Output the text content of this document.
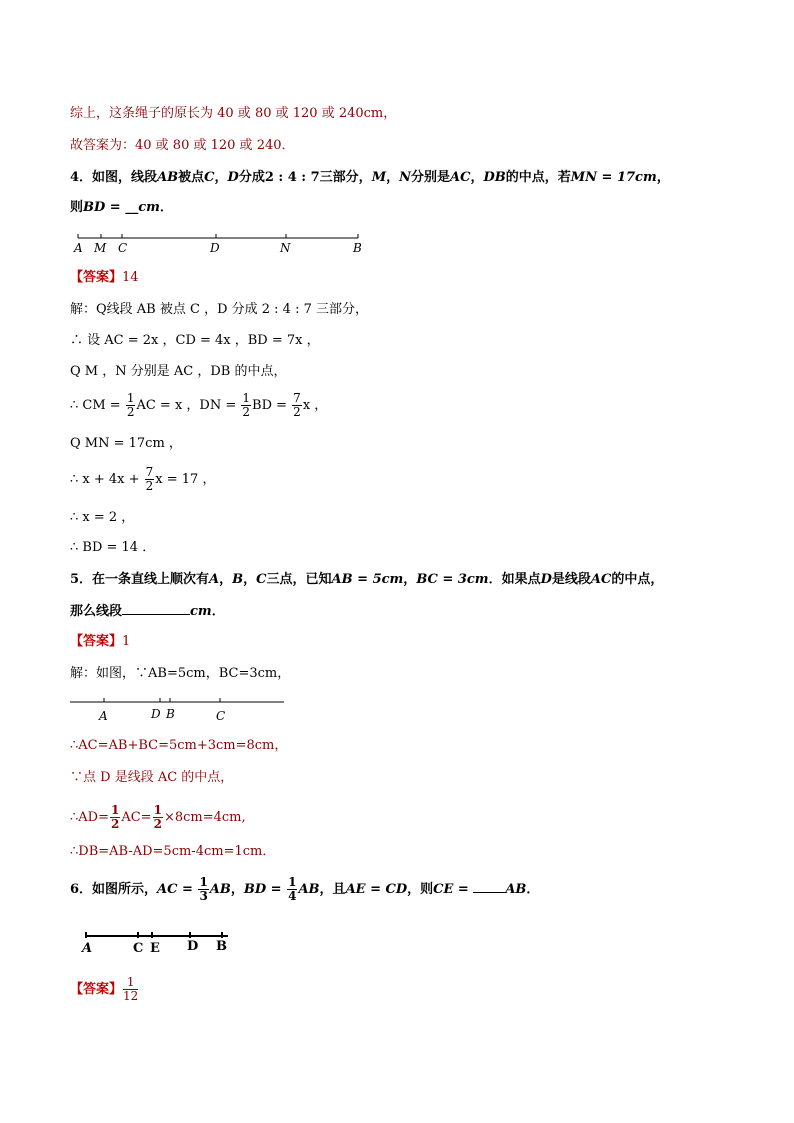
综上，这条绳子的原长为 40 或 80 或 120 或 240cm，
故答案为：40 或 80 或 120 或 240．
4．如图，线段AB被点C，D分成2 : 4 : 7三部分，M，N分别是AC，DB的中点，若MN = 17cm，
则BD = __cm．
A M C	D	N	B
【答案】14
解：Q线段 AB 被点 C ，D 分成 2 : 4 : 7 三部分，
∴ 设 AC = 2x ，CD = 4x ，BD = 7x ，
Q M ，N 分别是 AC ，DB 的中点，
∴ CM = $\frac{1}{2}$ AC = x ，DN = $\frac{1}{2}$ BD = $\frac{7}{2}$ x ，
Q MN = 17cm ，
∴ $x + 4x + \frac{7}{2}$ x = 17 ，
∴ x = 2 ，
∴ BD = 14 ．
5．在一条直线上顺次有A，B，C三点，已知AB = 5cm，BC = 3cm．如果点D是线段AC的中点，
那么线段	cm．
【答案】1
解：如图，∵AB=5cm，BC=3cm，
A	D B	C
∴AC=AB+BC=5cm+3cm=8cm，
∵点 D 是线段 AC 的中点，
∴AD= $\frac{1}{2} AC= \frac{1}{2} \times 8cm=4cm$,
∴DB=AB-AD=5cm-4cm=1cm．
6．如图所示，AC = $\frac{1}{3}$ AB，BD = $\frac{1}{4}$ AB，且AE = CD，则CE = AB．
A	C E D B
【答案】 $\frac{1}{12}$
